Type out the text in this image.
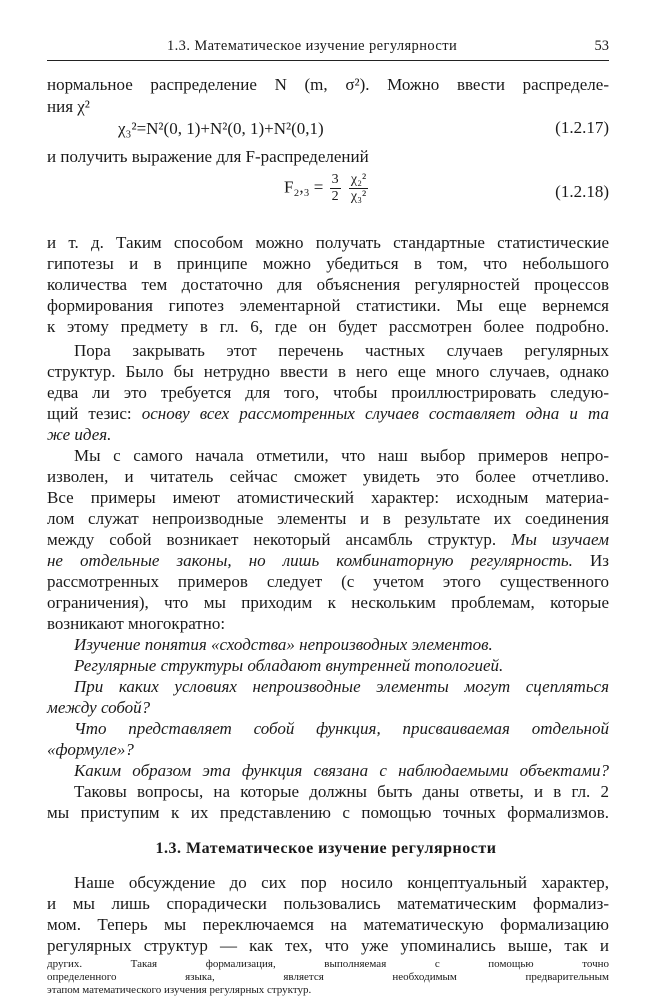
1.3. Математическое изучение регулярности	53
нормальное распределение N (m, σ²). Можно ввести распределе-
ния χ²
χ₃²=N²(0, 1)+N²(0, 1)+N²(0,1)	(1.2.17)
и получить выражение для F-распределений
$F_2,_3 = \frac{3}{2}$
$\frac{\text{χ₂²}}{\text{χ₃²}}$	(1.2.18)
и т. д. Таким способом можно получать стандартные статистические
гипотезы и в принципе можно убедиться в том, что небольшого
количества тем достаточно для объяснения регулярностей процессов
формирования гипотез элементарной статистики. Мы еще вернемся
к этому предмету в гл. 6, где он будет рассмотрен более подробно.
Пора закрывать этот перечень частных случаев регулярных
структур. Было бы нетрудно ввести в него еще много случаев, однако
едва ли это требуется для того, чтобы проиллюстрировать следую-
щий тезис: основу всех рассмотренных случаев составляет одна и та
же идея.
Мы с самого начала отметили, что наш выбор примеров непро-
изволен, и читатель сейчас сможет увидеть это более отчетливо.
Все примеры имеют атомистический характер: исходным материа-
лом служат непроизводные элементы и в результате их соединения
между собой возникает некоторый ансамбль структур. Мы изучаем
не отдельные законы, но лишь комбинаторную регулярность. Из
рассмотренных примеров следует (с учетом этого существенного
ограничения), что мы приходим к нескольким проблемам, которые
возникают многократно:
Изучение понятия «сходства» непроизводных элементов.
Регулярные структуры обладают внутренней топологией.
При каких условиях непроизводные элементы могут сцепляться
между собой?
Что представляет собой функция, присваиваемая отдельной
«формуле»?
Каким образом эта функция связана с наблюдаемыми объектами?
Таковы вопросы, на которые должны быть даны ответы, и в гл. 2
мы приступим к их представлению с помощью точных формализмов.
1.3. Математическое изучение регулярности
Наше обсуждение до сих пор носило концептуальный характер,
и мы лишь спорадически пользовались математическим формализ-
мом. Теперь мы переключаемся на математическую формализацию
регулярных структур — как тех, что уже упоминались выше, так и
других. Такая формализация, выполняемая с помощью точно
определенного языка, является необходимым предварительным
этапом математического изучения регулярных структур.
